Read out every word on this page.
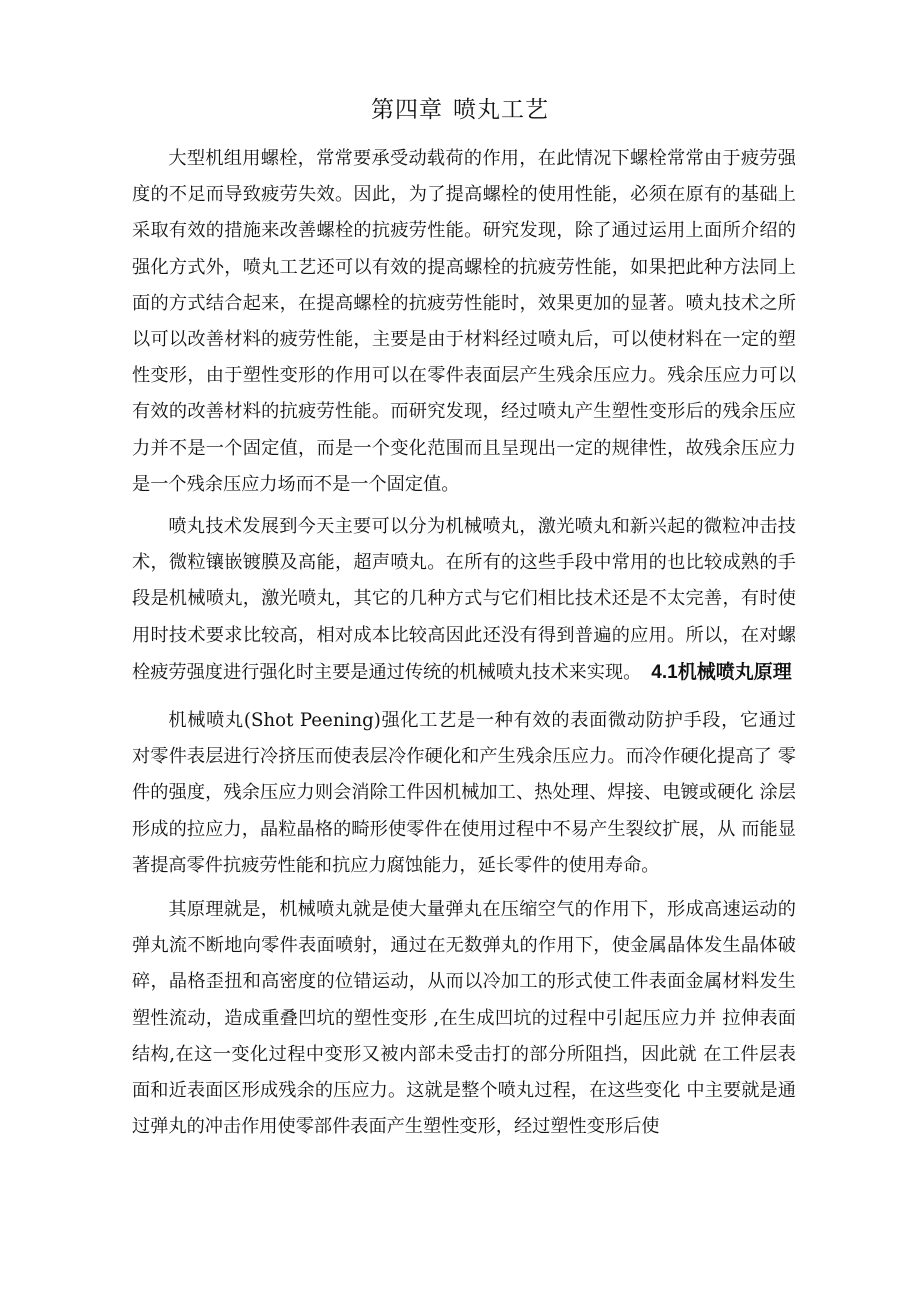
第四章 喷丸工艺

大型机组用螺栓，常常要承受动载荷的作用，在此情况下螺栓常常由于疲劳强度的不足而导致疲劳失效。因此，为了提高螺栓的使用性能，必须在原有的基础上采取有效的措施来改善螺栓的抗疲劳性能。研究发现，除了通过运用上面所介绍的强化方式外，喷丸工艺还可以有效的提高螺栓的抗疲劳性能，如果把此种方法同上面的方式结合起来，在提高螺栓的抗疲劳性能时，效果更加的显著。喷丸技术之所以可以改善材料的疲劳性能，主要是由于材料经过喷丸后，可以使材料在一定的塑性变形，由于塑性变形的作用可以在零件表面层产生残余压应力。残余压应力可以有效的改善材料的抗疲劳性能。而研究发现，经过喷丸产生塑性变形后的残余压应力并不是一个固定值，而是一个变化范围而且呈现出一定的规律性，故残余压应力是一个残余压应力场而不是一个固定值。

喷丸技术发展到今天主要可以分为机械喷丸，激光喷丸和新兴起的微粒冲击技术，微粒镶嵌镀膜及高能，超声喷丸。在所有的这些手段中常用的也比较成熟的手段是机械喷丸，激光喷丸，其它的几种方式与它们相比技术还是不太完善，有时使用时技术要求比较高，相对成本比较高因此还没有得到普遍的应用。所以，在对螺栓疲劳强度进行强化时主要是通过传统的机械喷丸技术来实现。 4.1机械喷丸原理

机械喷丸(Shot Peening)强化工艺是一种有效的表面微动防护手段，它通过 对零件表层进行冷挤压而使表层冷作硬化和产生残余压应力。而冷作硬化提高了 零件的强度，残余压应力则会消除工件因机械加工、热处理、焊接、电镀或硬化 涂层形成的拉应力，晶粒晶格的畸形使零件在使用过程中不易产生裂纹扩展，从 而能显著提高零件抗疲劳性能和抗应力腐蚀能力，延长零件的使用寿命。

其原理就是，机械喷丸就是使大量弹丸在压缩空气的作用下，形成高速运动的弹丸流不断地向零件表面喷射，通过在无数弹丸的作用下，使金属晶体发生晶体破碎，晶格歪扭和高密度的位错运动，从而以冷加工的形式使工件表面金属材料发生塑性流动，造成重叠凹坑的塑性变形 ,在生成凹坑的过程中引起压应力并 拉伸表面结构,在这一变化过程中变形又被内部未受击打的部分所阻挡，因此就 在工件层表面和近表面区形成残余的压应力。这就是整个喷丸过程，在这些变化 中主要就是通过弹丸的冲击作用使零部件表面产生塑性变形，经过塑性变形后使
